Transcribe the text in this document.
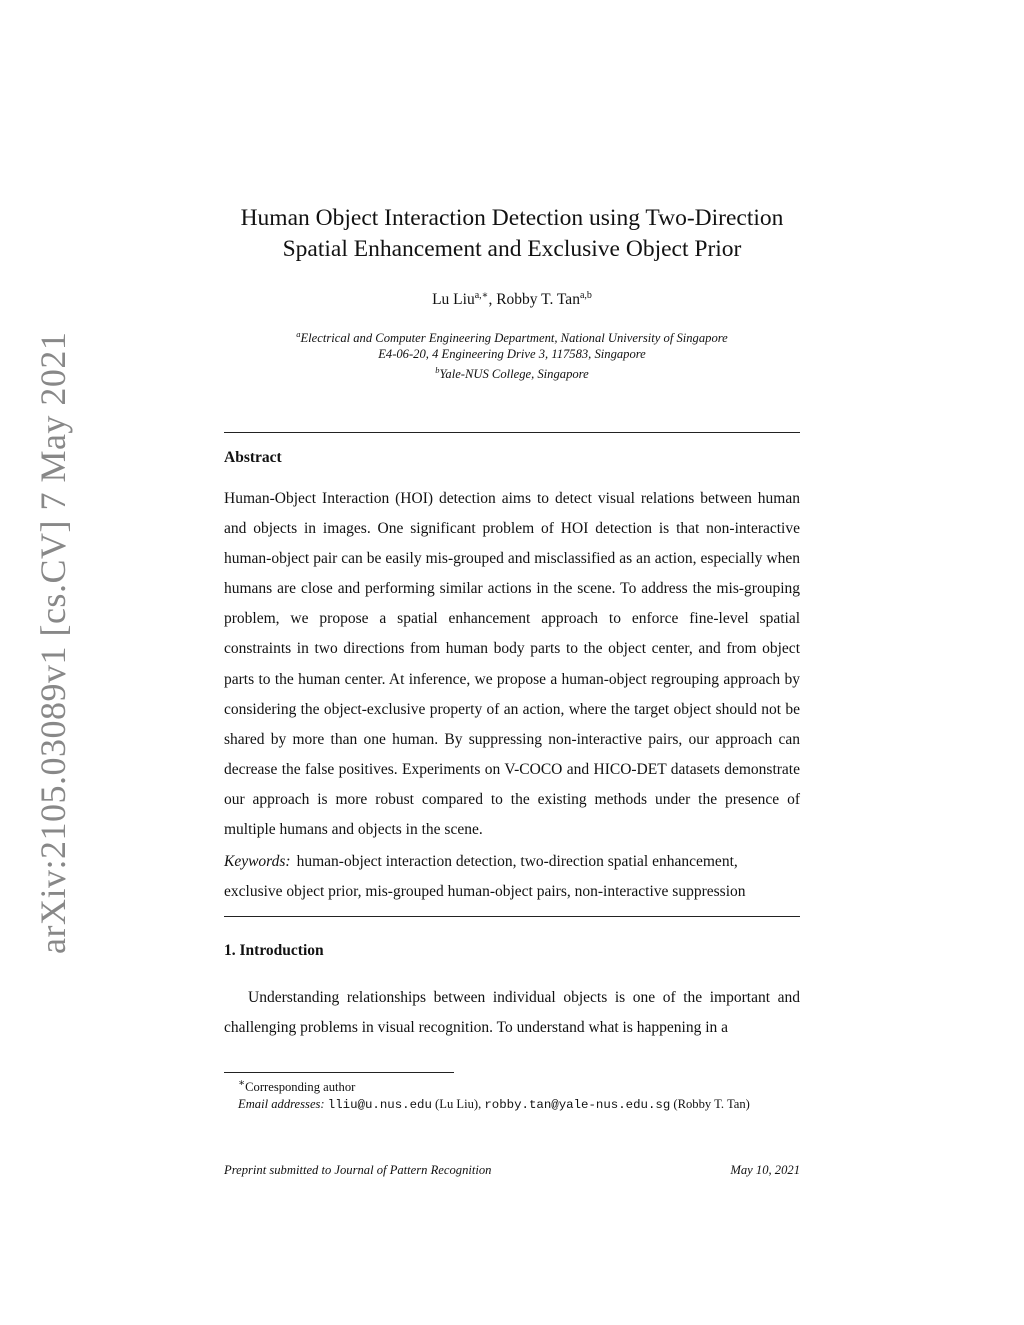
arXiv:2105.03089v1 [cs.CV] 7 May 2021
Human Object Interaction Detection using Two-Direction
Spatial Enhancement and Exclusive Object Prior
Lu Liu$^{a,∗}$, Robby T. Tan$^{a,b}$
$^a$Electrical and Computer Engineering Department, National University of Singapore
E4-06-20, 4 Engineering Drive 3, 117583, Singapore
$^b$Yale-NUS College, Singapore
Abstract

Human-Object Interaction (HOI) detection aims to detect visual relations between human and objects in images. One significant problem of HOI detection is that non-interactive human-object pair can be easily mis-grouped and misclassified as an action, especially when humans are close and performing similar actions in the scene. To address the mis-grouping problem, we propose a spatial enhancement approach to enforce fine-level spatial constraints in two directions from human body parts to the object center, and from object parts to the human center. At inference, we propose a human-object regrouping approach by considering the object-exclusive property of an action, where the target object should not be shared by more than one human. By suppressing non-interactive pairs, our approach can decrease the false positives. Experiments on V-COCO and HICO-DET datasets demonstrate our approach is more robust compared to the existing methods under the presence of multiple humans and objects in the scene.

Keywords: human-object interaction detection, two-direction spatial enhancement, exclusive object prior, mis-grouped human-object pairs, non-interactive suppression

1. Introduction

Understanding relationships between individual objects is one of the important and challenging problems in visual recognition. To understand what is happening in a

∗Corresponding author
Email addresses: lliu@u.nus.edu (Lu Liu), robby.tan@yale-nus.edu.sg (Robby T. Tan)
Preprint submitted to Journal of Pattern Recognition	May 10, 2021
